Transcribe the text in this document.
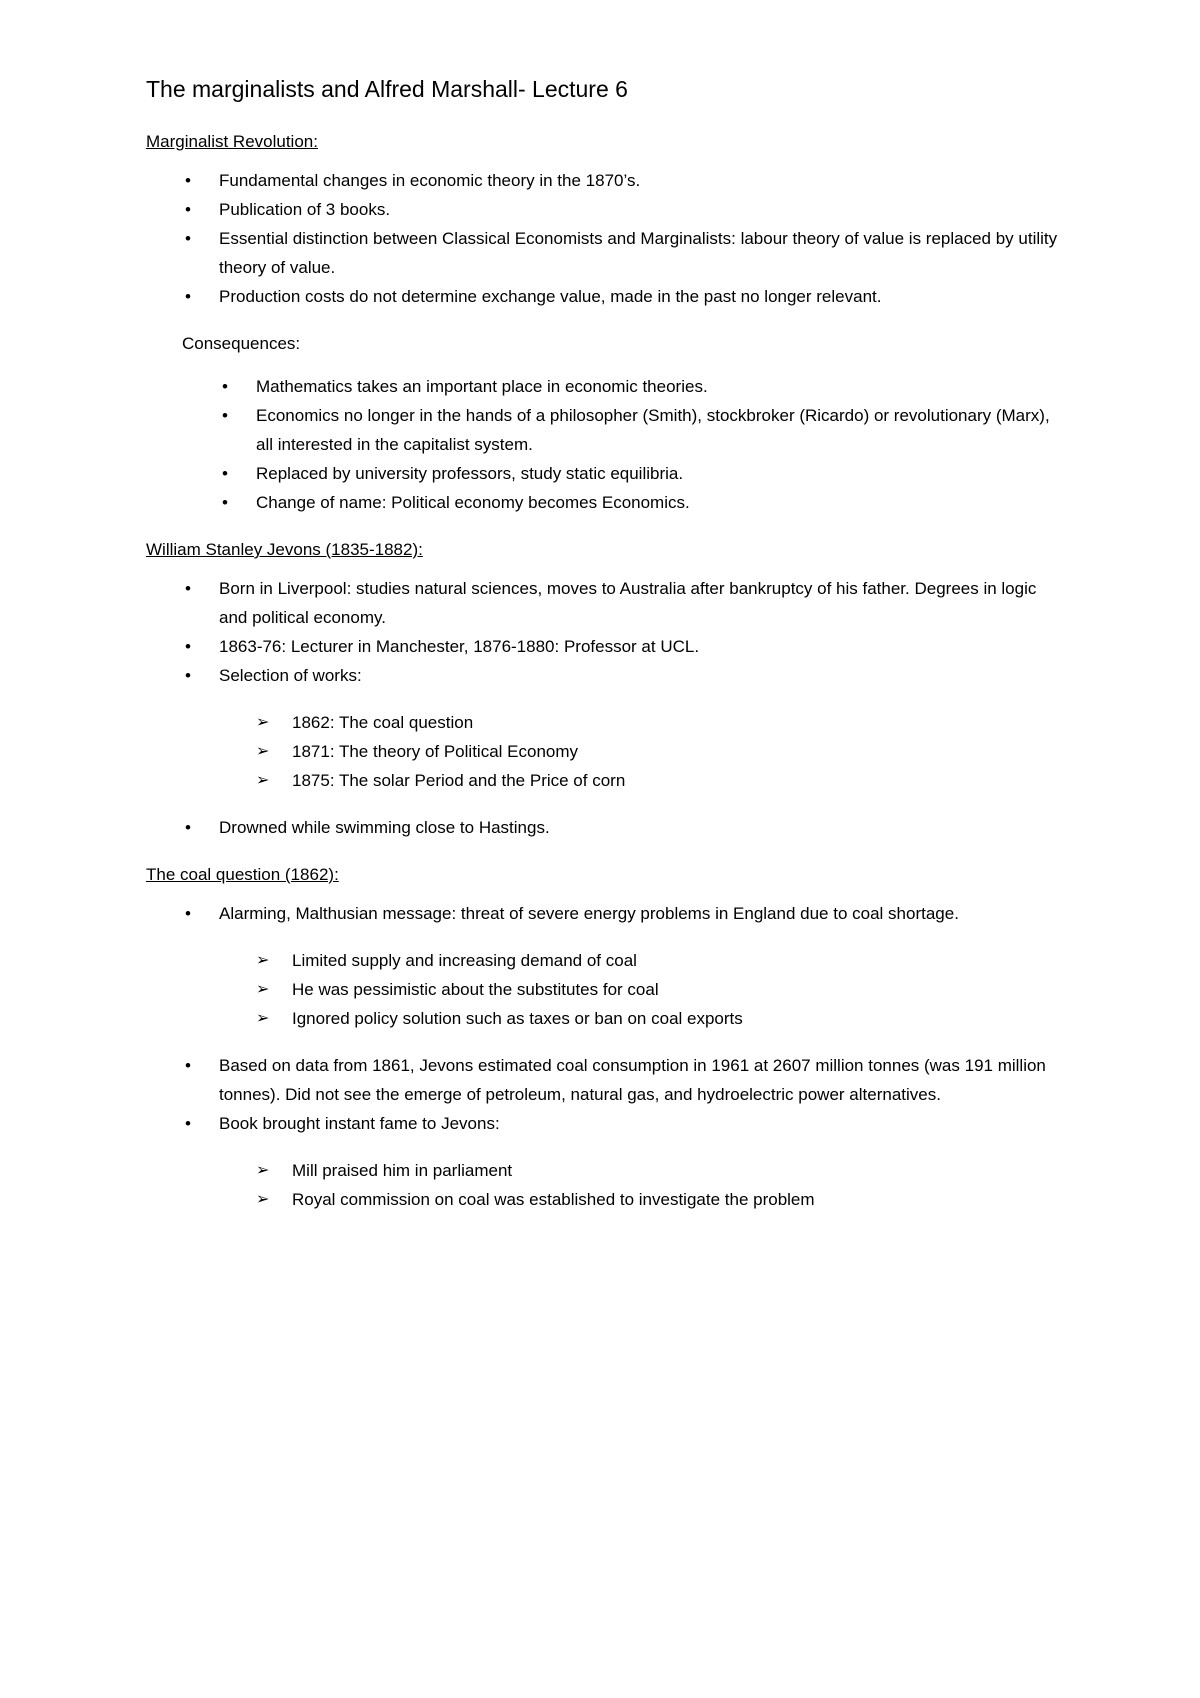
The marginalists and Alfred Marshall- Lecture 6
Marginalist Revolution:
• Fundamental changes in economic theory in the 1870’s.
• Publication of 3 books.
• Essential distinction between Classical Economists and Marginalists: labour theory of value is replaced by utility theory of value.
• Production costs do not determine exchange value, made in the past no longer relevant.
Consequences:
• Mathematics takes an important place in economic theories.
• Economics no longer in the hands of a philosopher (Smith), stockbroker (Ricardo) or revolutionary (Marx), all interested in the capitalist system.
• Replaced by university professors, study static equilibria.
• Change of name: Political economy becomes Economics.
William Stanley Jevons (1835-1882):
• Born in Liverpool: studies natural sciences, moves to Australia after bankruptcy of his father. Degrees in logic and political economy.
• 1863-76: Lecturer in Manchester, 1876-1880: Professor at UCL.
• Selection of works:
➢ 1862: The coal question
➢ 1871: The theory of Political Economy
➢ 1875: The solar Period and the Price of corn
• Drowned while swimming close to Hastings.
The coal question (1862):
• Alarming, Malthusian message: threat of severe energy problems in England due to coal shortage.
➢ Limited supply and increasing demand of coal
➢ He was pessimistic about the substitutes for coal
➢ Ignored policy solution such as taxes or ban on coal exports
• Based on data from 1861, Jevons estimated coal consumption in 1961 at 2607 million tonnes (was 191 million tonnes). Did not see the emerge of petroleum, natural gas, and hydroelectric power alternatives.
• Book brought instant fame to Jevons:
➢ Mill praised him in parliament
➢ Royal commission on coal was established to investigate the problem
